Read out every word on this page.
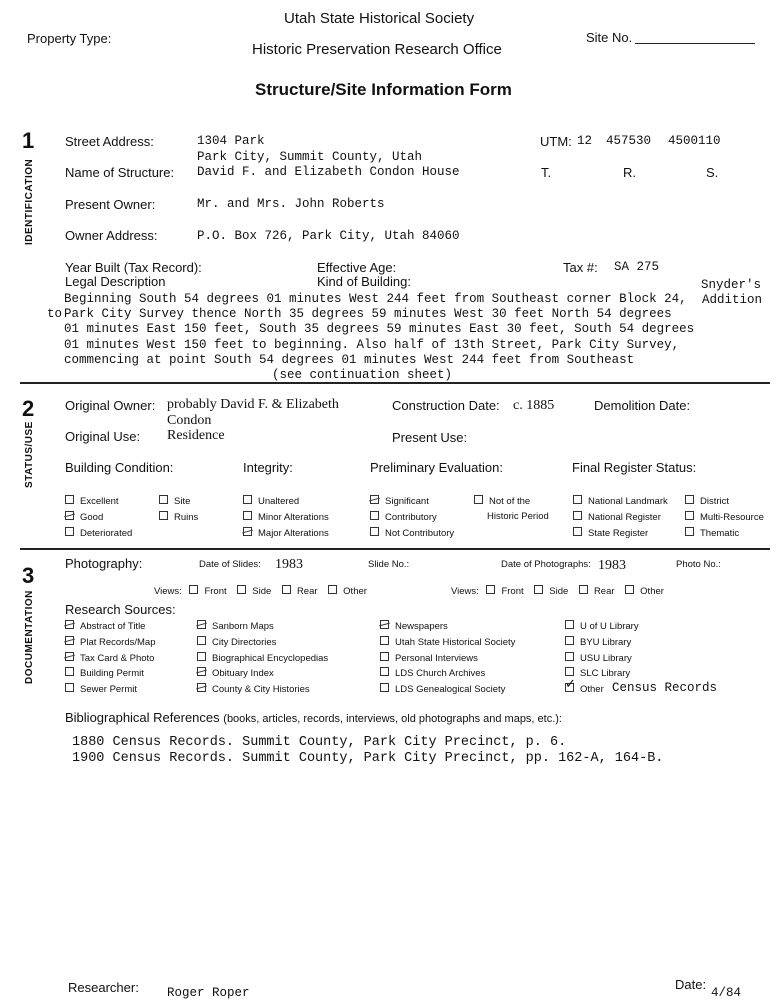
Utah State Historical Society
Historic Preservation Research Office
Structure/Site Information Form
Property Type:	Site No.
1
IDENTIFICATION
Street Address:	1304 Park
Park City, Summit County, Utah
Name of Structure: David F. and Elizabeth Condon House
Present Owner:	Mr. and Mrs. John Roberts
Owner Address:	P.O. Box 726, Park City, Utah 84060
UTM: 12 457530 4500110
T.	R.	S.
Year Built (Tax Record):	Effective Age:	Tax #: SA 275
Legal Description	Kind of Building:	Snyder's
Addition
to
Beginning South 54 degrees 01 minutes West 244 feet from Southeast corner Block 24,
Park City Survey thence North 35 degrees 59 minutes West 30 feet North 54 degrees
01 minutes East 150 feet, South 35 degrees 59 minutes East 30 feet, South 54 degrees
01 minutes West 150 feet to beginning. Also half of 13th Street, Park City Survey,
commencing at point South 54 degrees 01 minutes West 244 feet from Southeast
(see continuation sheet)
2
STATUS/USE
Original Owner: probably David F. & Elizabeth
Condon
Construction Date: c. 1885	Demolition Date:
Original Use: Residence	Present Use:
Building Condition:	Integrity:	Preliminary Evaluation:	Final Register Status:
Excellent
Good
Deteriorated
Site
Ruins
Unaltered
Minor Alterations
Major Alterations
Significant
Contributory
Not Contributory
Not of the
Historic Period
National Landmark
National Register
State Register
District
Multi-Resource
Thematic
3
DOCUMENTATION
Photography:	Date of Slides: 1983	Slide No.:	Date of Photographs: 1983	Photo No.:
Views: Front	Side	Rear	Other	Views: Front	Side	Rear	Other
Research Sources:
Abstract of Title
Plat Records/Map
Tax Card & Photo
Building Permit
Sewer Permit
Sanborn Maps
City Directories
Biographical Encyclopedias
Obituary Index
County & City Histories
Newspapers
Utah State Historical Society
Personal Interviews
LDS Church Archives
LDS Genealogical Society
U of U Library
BYU Library
USU Library
SLC Library
✓Other Census Records
Bibliographical References (books, articles, records, interviews, old photographs and maps, etc.):
1880 Census Records. Summit County, Park City Precinct, p. 6.
1900 Census Records. Summit County, Park City Precinct, pp. 162-A, 164-B.
Researcher: Roger Roper
Date:
4/84
